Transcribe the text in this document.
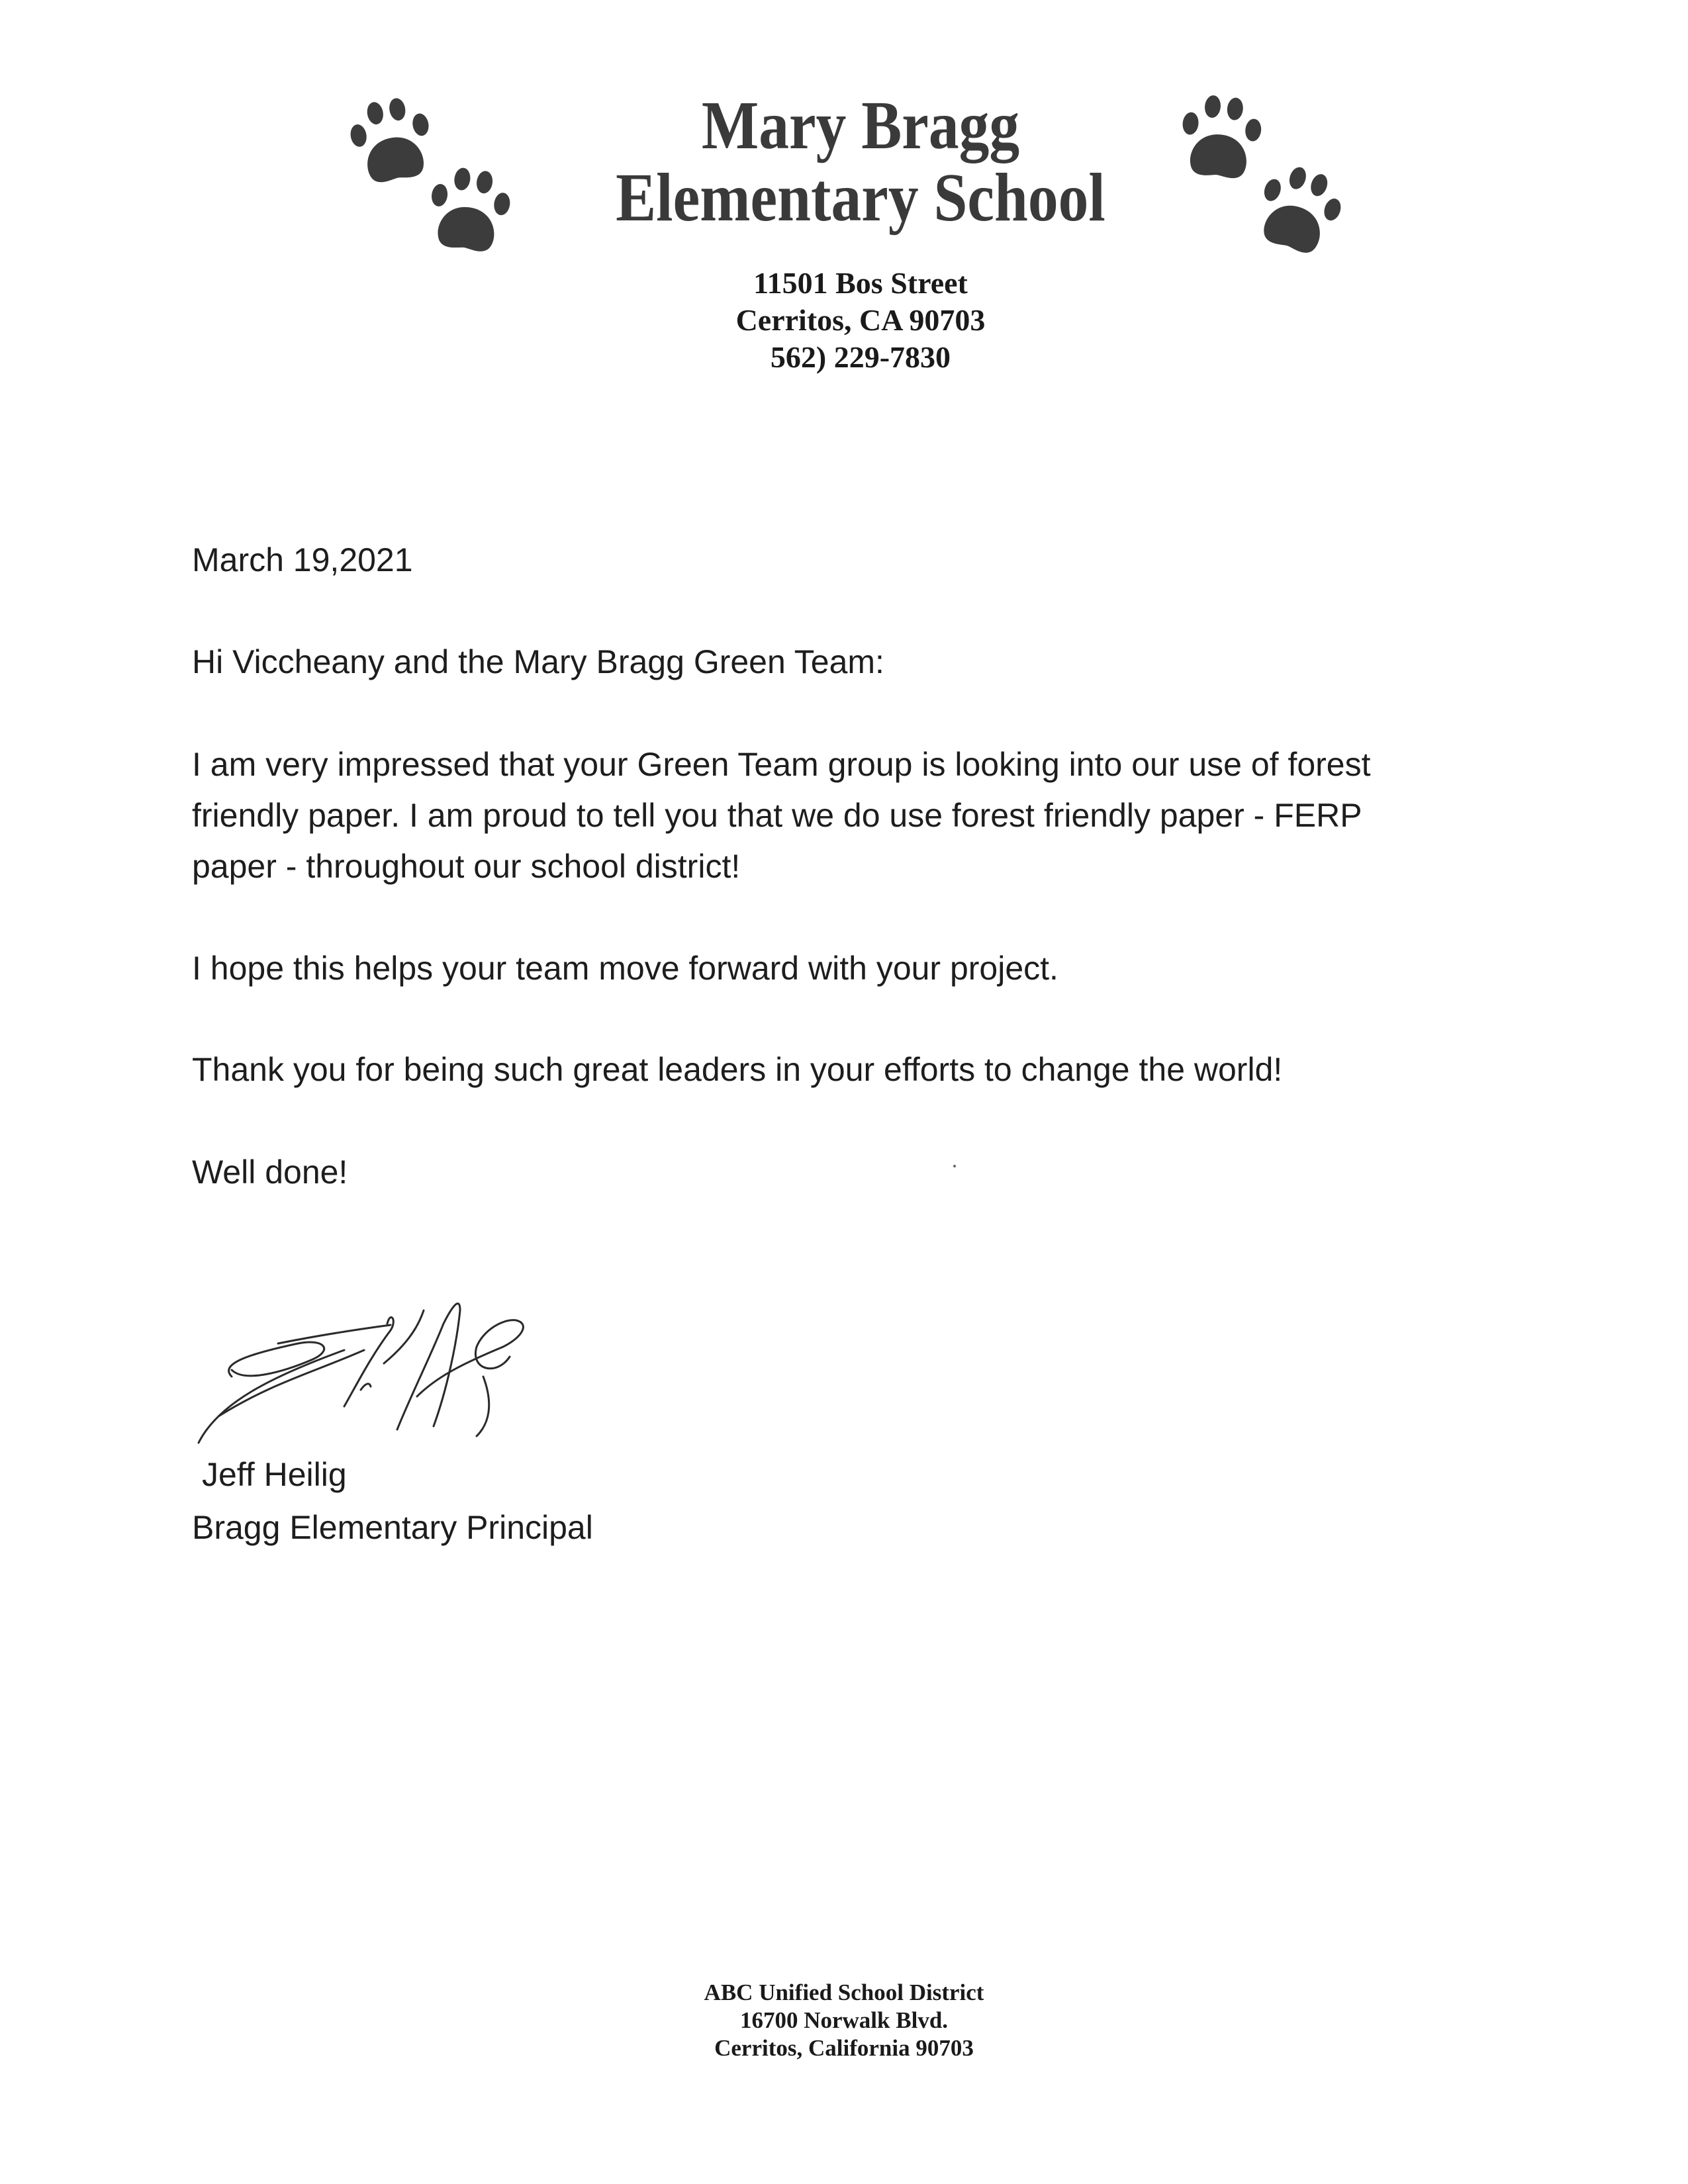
Mary Bragg
Elementary School
11501 Bos Street
Cerritos, CA 90703
562) 229-7830
March 19,2021
Hi Viccheany and the Mary Bragg Green Team:
I am very impressed that your Green Team group is looking into our use of forest friendly paper. I am proud to tell you that we do use forest friendly paper - FERP paper - throughout our school district!
I hope this helps your team move forward with your project.
Thank you for being such great leaders in your efforts to change the world!
Well done!
Jeff Heilig
Bragg Elementary Principal
ABC Unified School District
16700 Norwalk Blvd.
Cerritos, California 90703
